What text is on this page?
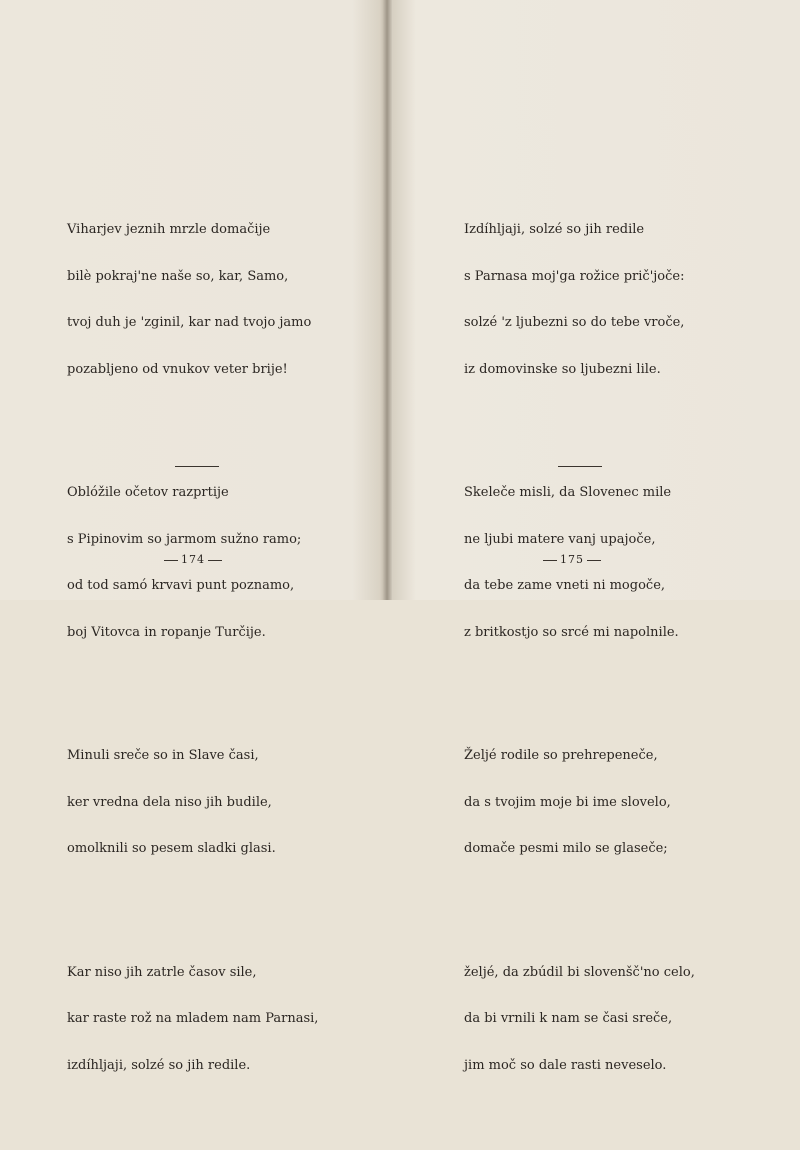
Viharjev jeznih mrzle domačije

bilè pokraj'ne naše so, kar, Samo,

tvoj duh je 'zginil, kar nad tvojo jamo

pozabljeno od vnukov veter brije!

Oblóžile očetov razprtije

s Pipinovim so jarmom sužno ramo;

od tod samó krvavi punt poznamo,

boj Vitovca in ropanje Turčije.

Minuli sreče so in Slave časi,

ker vredna dela niso jih budile,

omolknili so pesem sladki glasi.

Kar niso jih zatrle časov sile,

kar raste rož na mladem nam Parnasi,

izdíhljaji, solzé so jih redile.

174

Izdíhljaji, solzé so jih redile

s Parnasa moj'ga rožice prič'joče:

solzé 'z ljubezni so do tebe vroče,

iz domovinske so ljubezni lile.

Skeleče misli, da Slovenec mile

ne ljubi matere vanj upajoče,

da tebe zame vneti ni mogoče,

z britkostjo so srcé mi napolnile.

Željé rodile so prehrepeneče,

da s tvojim moje bi ime slovelo,

domače pesmi milo se glaseče;

željé, da zbúdil bi slovenšč'no celo,

da bi vrnili k nam se časi sreče,

jim moč so dale rasti neveselo.

175
